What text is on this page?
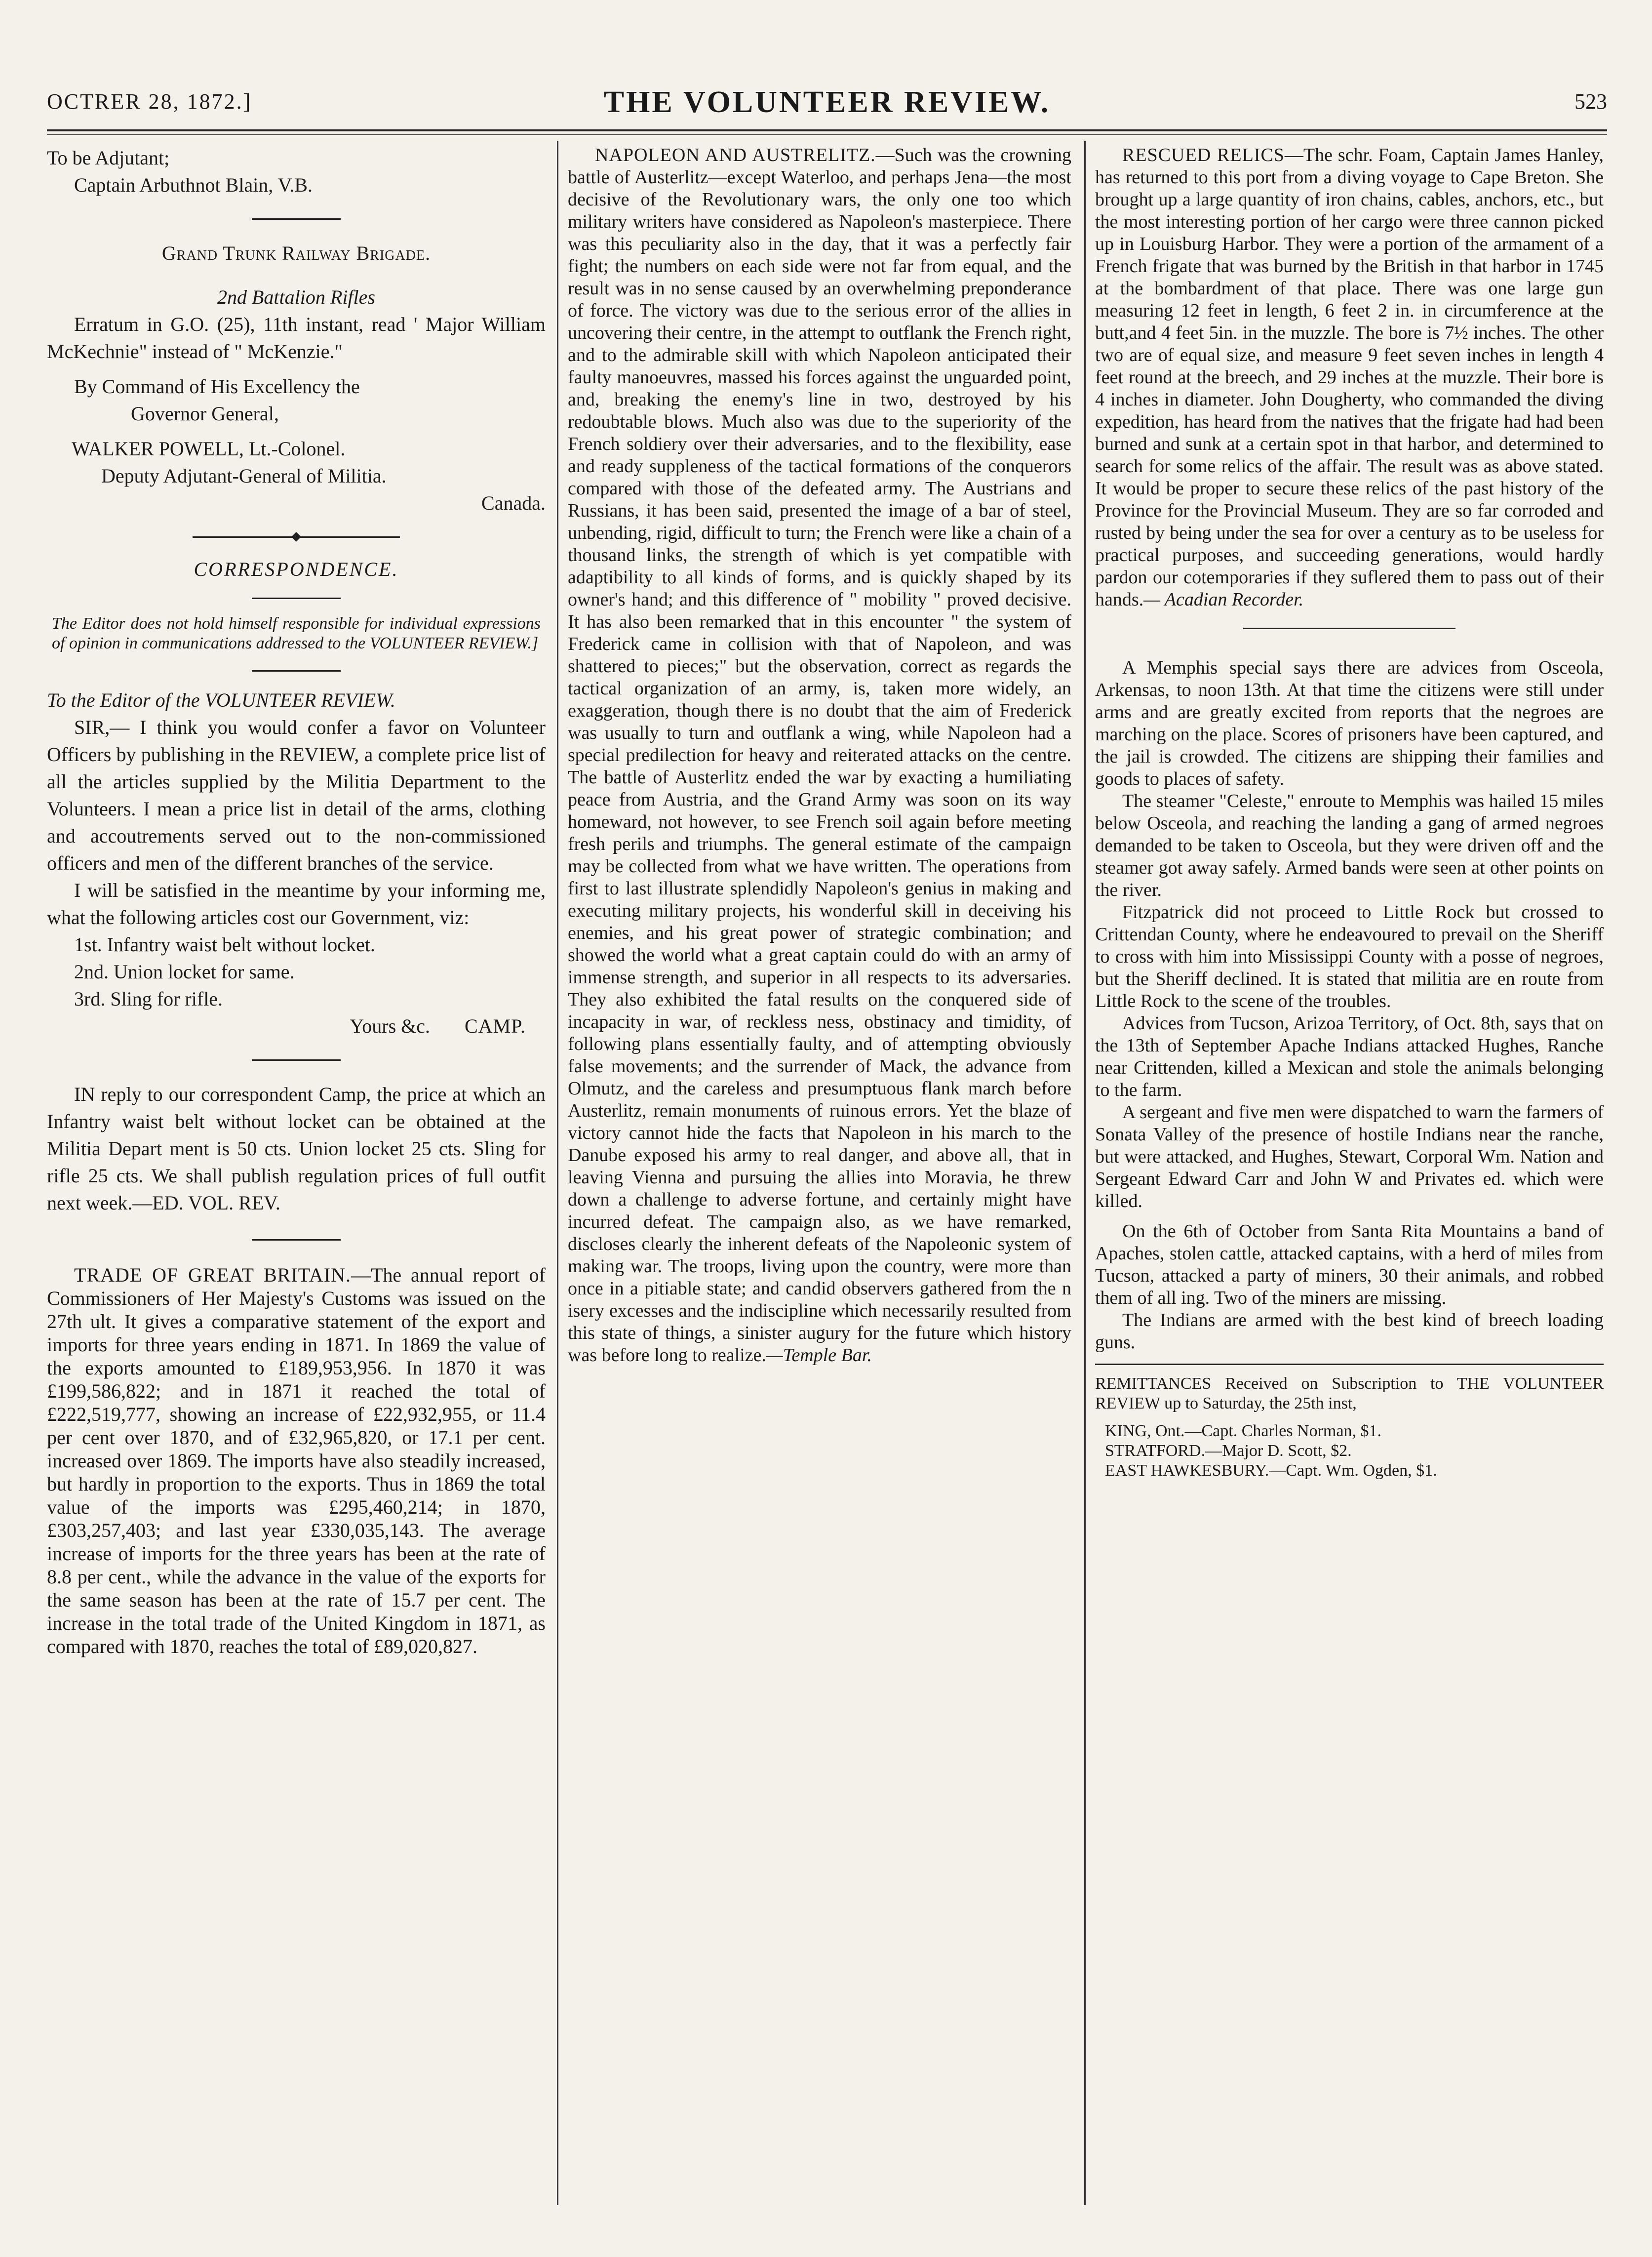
OCTRER 28, 1872.]	THE VOLUNTEER REVIEW.	523

To be Adjutant;

Captain Arbuthnot Blain, V.B.

Grand Trunk Railway Brigade.

2nd Battalion Rifles

Erratum in G.O. (25), 11th instant, read ' Major William McKechnie" instead of " McKenzie."

By Command of His Excellency the

Governor General,

WALKER POWELL, Lt.-Colonel.

Deputy Adjutant-General of Militia.

Canada.

CORRESPONDENCE.

The Editor does not hold himself responsible for individual expressions of opinion in communications addressed to the VOLUNTEER REVIEW.]

To the Editor of the VOLUNTEER REVIEW.

SIR,— I think you would confer a favor on Volunteer Officers by publishing in the REVIEW, a complete price list of all the articles supplied by the Militia Department to the Volunteers. I mean a price list in detail of the arms, clothing and accoutrements served out to the non-commissioned officers and men of the different branches of the service.

I will be satisfied in the meantime by your informing me, what the following articles cost our Government, viz:

1st. Infantry waist belt without locket.

2nd. Union locket for same.

3rd. Sling for rifle.

Yours &c. CAMP.

IN reply to our correspondent Camp, the price at which an Infantry waist belt without locket can be obtained at the Militia Depart ment is 50 cts. Union locket 25 cts. Sling for rifle 25 cts. We shall publish regulation prices of full outfit next week.—ED. VOL. REV.

TRADE OF GREAT BRITAIN.—The annual report of Commissioners of Her Majesty's Customs was issued on the 27th ult. It gives a comparative statement of the export and imports for three years ending in 1871. In 1869 the value of the exports amounted to £189,953,956. In 1870 it was £199,586,822; and in 1871 it reached the total of £222,519,777, showing an increase of £22,932,955, or 11.4 per cent over 1870, and of £32,965,820, or 17.1 per cent. increased over 1869. The imports have also steadily increased, but hardly in proportion to the exports. Thus in 1869 the total value of the imports was £295,460,214; in 1870, £303,257,403; and last year £330,035,143. The average increase of imports for the three years has been at the rate of 8.8 per cent., while the advance in the value of the exports for the same season has been at the rate of 15.7 per cent. The increase in the total trade of the United Kingdom in 1871, as compared with 1870, reaches the total of £89,020,827.

NAPOLEON AND AUSTRELITZ.—Such was the crowning battle of Austerlitz—except Waterloo, and perhaps Jena—the most decisive of the Revolutionary wars, the only one too which military writers have considered as Napoleon's masterpiece. There was this peculiarity also in the day, that it was a perfectly fair fight; the numbers on each side were not far from equal, and the result was in no sense caused by an overwhelming preponderance of force. The victory was due to the serious error of the allies in uncovering their centre, in the attempt to outflank the French right, and to the admirable skill with which Napoleon anticipated their faulty manoeuvres, massed his forces against the unguarded point, and, breaking the enemy's line in two, destroyed by his redoubtable blows. Much also was due to the superiority of the French soldiery over their adversaries, and to the flexibility, ease and ready suppleness of the tactical formations of the conquerors compared with those of the defeated army. The Austrians and Russians, it has been said, presented the image of a bar of steel, unbending, rigid, difficult to turn; the French were like a chain of a thousand links, the strength of which is yet compatible with adaptibility to all kinds of forms, and is quickly shaped by its owner's hand; and this difference of " mobility " proved decisive. It has also been remarked that in this encounter " the system of Frederick came in collision with that of Napoleon, and was shattered to pieces;" but the observation, correct as regards the tactical organization of an army, is, taken more widely, an exaggeration, though there is no doubt that the aim of Frederick was usually to turn and outflank a wing, while Napoleon had a special predilection for heavy and reiterated attacks on the centre. The battle of Austerlitz ended the war by exacting a humiliating peace from Austria, and the Grand Army was soon on its way homeward, not however, to see French soil again before meeting fresh perils and triumphs. The general estimate of the campaign may be collected from what we have written. The operations from first to last illustrate splendidly Napoleon's genius in making and executing military projects, his wonderful skill in deceiving his enemies, and his great power of strategic combination; and showed the world what a great captain could do with an army of immense strength, and superior in all respects to its adversaries. They also exhibited the fatal results on the conquered side of incapacity in war, of reckless ness, obstinacy and timidity, of following plans essentially faulty, and of attempting obviously false movements; and the surrender of Mack, the advance from Olmutz, and the careless and presumptuous flank march before Austerlitz, remain monuments of ruinous errors. Yet the blaze of victory cannot hide the facts that Napoleon in his march to the Danube exposed his army to real danger, and above all, that in leaving Vienna and pursuing the allies into Moravia, he threw down a challenge to adverse fortune, and certainly might have incurred defeat. The campaign also, as we have remarked, discloses clearly the inherent defeats of the Napoleonic system of making war. The troops, living upon the country, were more than once in a pitiable state; and candid observers gathered from the n isery excesses and the indiscipline which necessarily resulted from this state of things, a sinister augury for the future which history was before long to realize.—Temple Bar.

RESCUED RELICS—The schr. Foam, Captain James Hanley, has returned to this port from a diving voyage to Cape Breton. She brought up a large quantity of iron chains, cables, anchors, etc., but the most interesting portion of her cargo were three cannon picked up in Louisburg Harbor. They were a portion of the armament of a French frigate that was burned by the British in that harbor in 1745 at the bombardment of that place. There was one large gun measuring 12 feet in length, 6 feet 2 in. in circumference at the butt,and 4 feet 5in. in the muzzle. The bore is 7½ inches. The other two are of equal size, and measure 9 feet seven inches in length 4 feet round at the breech, and 29 inches at the muzzle. Their bore is 4 inches in diameter. John Dougherty, who commanded the diving expedition, has heard from the natives that the frigate had had been burned and sunk at a certain spot in that harbor, and determined to search for some relics of the affair. The result was as above stated. It would be proper to secure these relics of the past history of the Province for the Provincial Museum. They are so far corroded and rusted by being under the sea for over a century as to be useless for practical purposes, and succeeding generations, would hardly pardon our cotemporaries if they suflered them to pass out of their hands.— Acadian Recorder.

A Memphis special says there are advices from Osceola, Arkensas, to noon 13th. At that time the citizens were still under arms and are greatly excited from reports that the negroes are marching on the place. Scores of prisoners have been captured, and the jail is crowded. The citizens are shipping their families and goods to places of safety.

The steamer "Celeste," enroute to Memphis was hailed 15 miles below Osceola, and reaching the landing a gang of armed negroes demanded to be taken to Osceola, but they were driven off and the steamer got away safely. Armed bands were seen at other points on the river.

Fitzpatrick did not proceed to Little Rock but crossed to Crittendan County, where he endeavoured to prevail on the Sheriff to cross with him into Mississippi County with a posse of negroes, but the Sheriff declined. It is stated that militia are en route from Little Rock to the scene of the troubles.

Advices from Tucson, Arizoa Territory, of Oct. 8th, says that on the 13th of September Apache Indians attacked Hughes, Ranche near Crittenden, killed a Mexican and stole the animals belonging to the farm.

A sergeant and five men were dispatched to warn the farmers of Sonata Valley of the presence of hostile Indians near the ranche, but were attacked, and Hughes, Stewart, Corporal Wm. Nation and Sergeant Edward Carr and John W and Privates ed. which were killed.

On the 6th of October from Santa Rita Mountains a band of Apaches, stolen cattle, attacked captains, with a herd of miles from Tucson, attacked a party of miners, 30 their animals, and robbed them of all ing. Two of the miners are missing.

The Indians are armed with the best kind of breech loading guns.

REMITTANCES Received on Subscription to THE VOLUNTEER REVIEW up to Saturday, the 25th inst,

KING, Ont.—Capt. Charles Norman, $1.

STRATFORD.—Major D. Scott, $2.

EAST HAWKESBURY.—Capt. Wm. Ogden, $1.
